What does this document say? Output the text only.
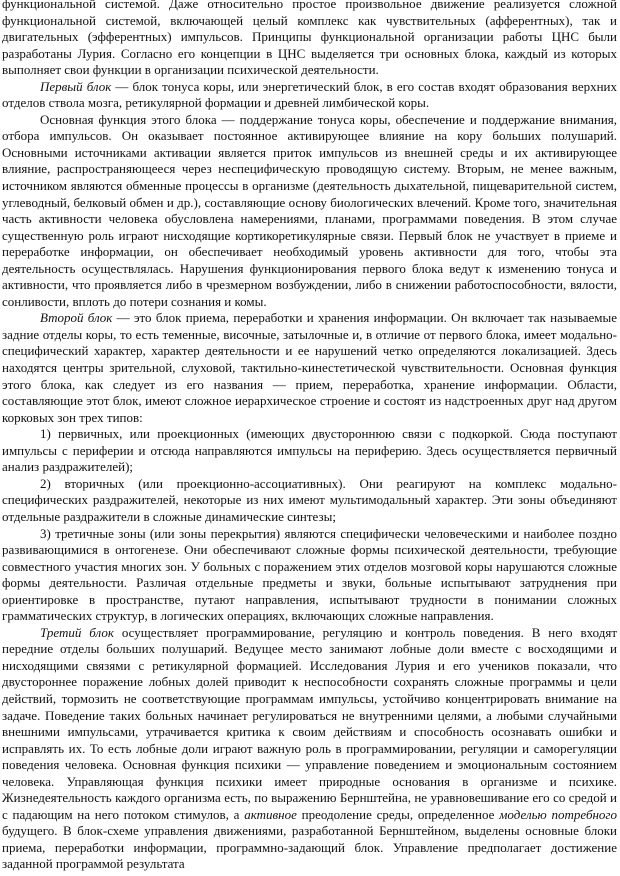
функциональной системой. Даже относительно простое произвольное движение реализуется сложной функциональной системой, включающей целый комплекс как чувствительных (афферентных), так и двигательных (эфферентных) импульсов. Принципы функциональной организации работы ЦНС были разработаны Лурия. Согласно его концепции в ЦНС выделяется три основных блока, каждый из которых выполняет свои функции в организации психической деятельности.

Первый блок — блок тонуса коры, или энергетический блок, в его состав входят образования верхних отделов ствола мозга, ретикулярной формации и древней лимбической коры.

Основная функция этого блока — поддержание тонуса коры, обеспечение и поддержание внимания, отбора импульсов. Он оказывает постоянное активирующее влияние на кору больших полушарий. Основными источниками активации является приток импульсов из внешней среды и их активирующее влияние, распространяющееся через неспецифическую проводящую систему. Вторым, не менее важным, источником являются обменные процессы в организме (деятельность дыхательной, пищеварительной систем, углеводный, белковый обмен и др.), составляющие основу биологических влечений. Кроме того, значительная часть активности человека обусловлена намерениями, планами, программами поведения. В этом случае существенную роль играют нисходящие кортикоретикулярные связи. Первый блок не участвует в приеме и переработке информации, он обеспечивает необходимый уровень активности для того, чтобы эта деятельность осуществлялась. Нарушения функционирования первого блока ведут к изменению тонуса и активности, что проявляется либо в чрезмерном возбуждении, либо в снижении работоспособности, вялости, сонливости, вплоть до потери сознания и комы.

Второй блок — это блок приема, переработки и хранения информации. Он включает так называемые задние отделы коры, то есть теменные, височные, затылочные и, в отличие от первого блока, имеет модально-специфический характер, характер деятельности и ее нарушений четко определяются локализацией. Здесь находятся центры зрительной, слуховой, тактильно-кинестетической чувствительности. Основная функция этого блока, как следует из его названия — прием, переработка, хранение информации. Области, составляющие этот блок, имеют сложное иерархическое строение и состоят из надстроенных друг над другом корковых зон трех типов:

1) первичных, или проекционных (имеющих двустороннюю связи с подкоркой. Сюда поступают импульсы с периферии и отсюда направляются импульсы на периферию. Здесь осуществляется первичный анализ раздражителей);

2) вторичных (или проекционно-ассоциативных). Они реагируют на комплекс модально-специфических раздражителей, некоторые из них имеют мультимодальный характер. Эти зоны объединяют отдельные раздражители в сложные динамические синтезы;

3) третичные зоны (или зоны перекрытия) являются специфически человеческими и наиболее поздно развивающимися в онтогенезе. Они обеспечивают сложные формы психической деятельности, требующие совместного участия многих зон. У больных с поражением этих отделов мозговой коры нарушаются сложные формы деятельности. Различая отдельные предметы и звуки, больные испытывают затруднения при ориентировке в пространстве, путают направления, испытывают трудности в понимании сложных грамматических структур, в логических операциях, включающих сложные направления.

Третий блок осуществляет программирование, регуляцию и контроль поведения. В него входят передние отделы больших полушарий. Ведущее место занимают лобные доли вместе с восходящими и нисходящими связями с ретикулярной формацией. Исследования Лурия и его учеников показали, что двустороннее поражение лобных долей приводит к неспособности сохранять сложные программы и цели действий, тормозить не соответствующие программам импульсы, устойчиво концентрировать внимание на задаче. Поведение таких больных начинает регулироваться не внутренними целями, а любыми случайными внешними импульсами, утрачивается критика к своим действиям и способность осознавать ошибки и исправлять их. То есть лобные доли играют важную роль в программировании, регуляции и саморегуляции поведения человека. Основная функция психики — управление поведением и эмоциональным состоянием человека. Управляющая функция психики имеет природные основания в организме и психике. Жизнедеятельность каждого организма есть, по выражению Бернштейна, не уравновешивание его со средой и с падающим на него потоком стимулов, а активное преодоление среды, определенное моделью потребного будущего. В блок-схеме управления движениями, разработанной Бернштейном, выделены основные блоки приема, переработки информации, программно-задающий блок. Управление предполагает достижение заданной программой результата
